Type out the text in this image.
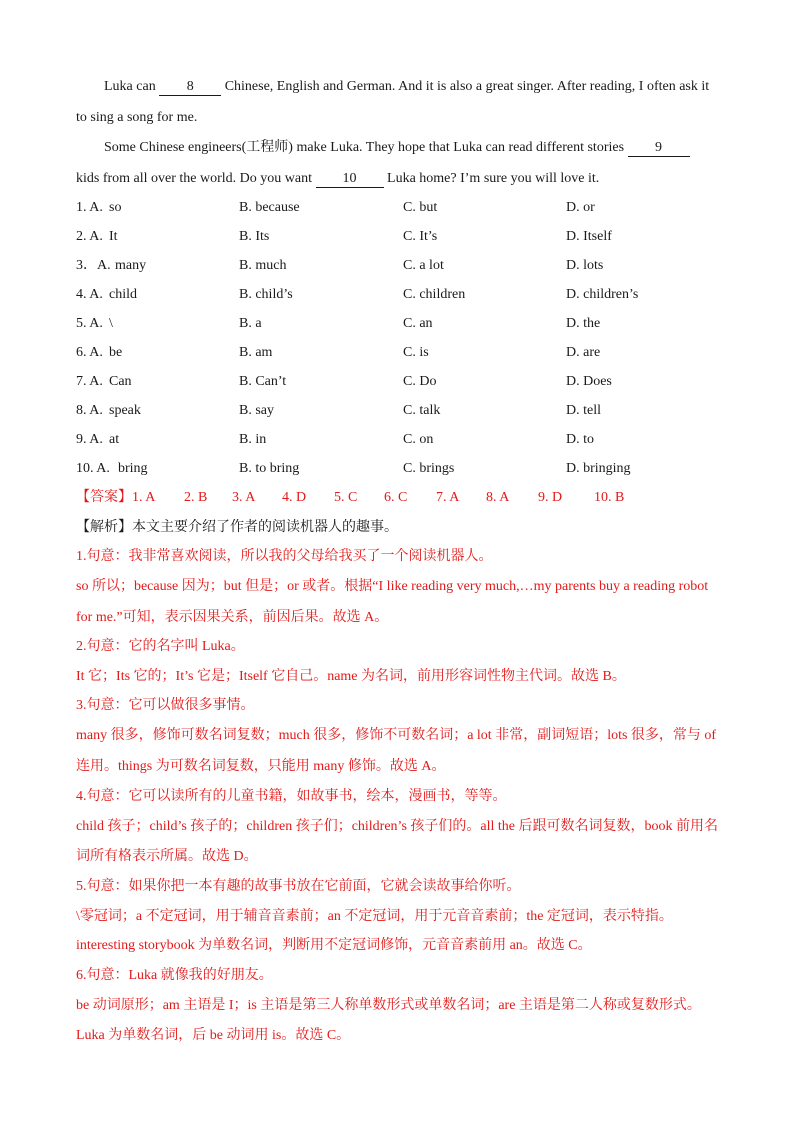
Luka can 8 Chinese, English and German. And it is also a great singer. After reading, I often ask it
to sing a song for me.
Some Chinese engineers(工程师) make Luka. They hope that Luka can read different stories 9
kids from all over the world. Do you want 10 Luka home? I’m sure you will love it.
1. A. so	B. because	C. but	D. or
2. A. It	B. Its	C. It’s	D. Itself
3．A. many	B. much	C. a lot	D. lots
4. A. child	B. child’s	C. children	D. children’s
5. A. \	B. a	C. an	D. the
6. A. be	B. am	C. is	D. are
7. A. Can	B. Can’t	C. Do	D. Does
8. A. speak	B. say	C. talk	D. tell
9. A. at	B. in	C. on	D. to
10. A. bring	B. to bring	C. brings	D. bringing
【答案】1. A 2. B 3. A 4. D 5. C 6. C 7. A 8. A 9. D 10. B
【解析】本文主要介绍了作者的阅读机器人的趣事。
1.句意：我非常喜欢阅读，所以我的父母给我买了一个阅读机器人。
so 所以；because 因为；but 但是；or 或者。根据“I like reading very much,…my parents buy a reading robot
for me.”可知，表示因果关系，前因后果。故选 A。
2.句意：它的名字叫 Luka。
It 它；Its 它的；It’s 它是；Itself 它自己。name 为名词，前用形容词性物主代词。故选 B。
3.句意：它可以做很多事情。
many 很多，修饰可数名词复数；much 很多，修饰不可数名词；a lot 非常，副词短语；lots 很多，常与 of
连用。things 为可数名词复数，只能用 many 修饰。故选 A。
4.句意：它可以读所有的儿童书籍，如故事书，绘本，漫画书，等等。
child 孩子；child’s 孩子的；children 孩子们；children’s 孩子们的。all the 后跟可数名词复数，book 前用名
词所有格表示所属。故选 D。
5.句意：如果你把一本有趣的故事书放在它前面，它就会读故事给你听。
\零冠词；a 不定冠词，用于辅音音素前；an 不定冠词，用于元音音素前；the 定冠词，表示特指。
interesting storybook 为单数名词，判断用不定冠词修饰，元音音素前用 an。故选 C。
6.句意：Luka 就像我的好朋友。
be 动词原形；am 主语是 I；is 主语是第三人称单数形式或单数名词；are 主语是第二人称或复数形式。
Luka 为单数名词，后 be 动词用 is。故选 C。
